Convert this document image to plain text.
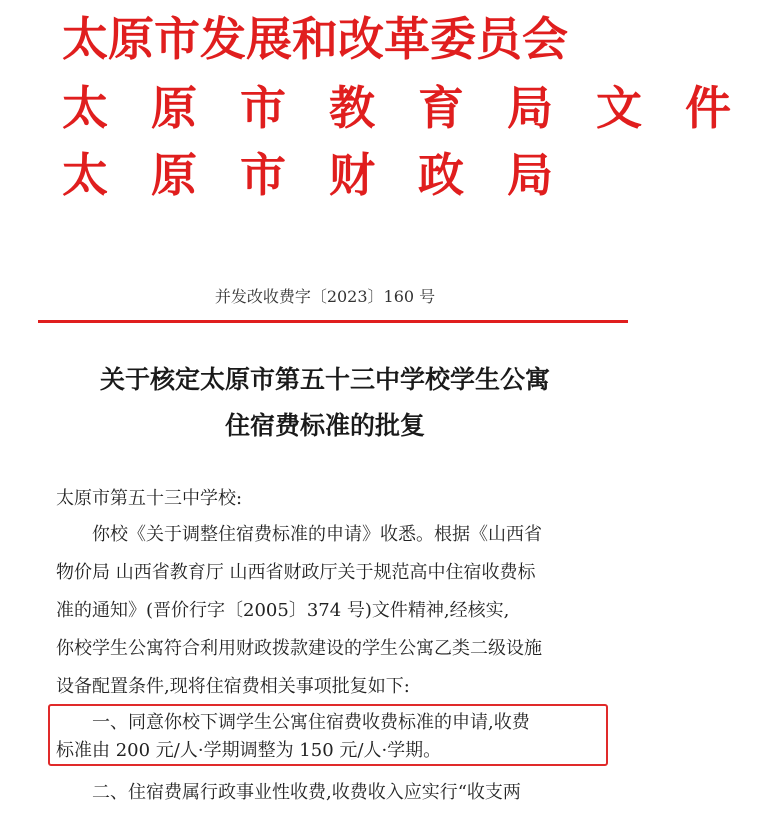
太原市发展和改革委员会
太原市教育局文件
太原市财政局
并发改收费字〔2023〕160 号
关于核定太原市第五十三中学校学生公寓
住宿费标准的批复
太原市第五十三中学校:
你校《关于调整住宿费标准的申请》收悉。根据《山西省
物价局 山西省教育厅 山西省财政厅关于规范高中住宿收费标
准的通知》(晋价行字〔2005〕374 号)文件精神,经核实,
你校学生公寓符合利用财政拨款建设的学生公寓乙类二级设施
设备配置条件,现将住宿费相关事项批复如下:
一、同意你校下调学生公寓住宿费收费标准的申请,收费
标准由 200 元/人·学期调整为 150 元/人·学期。
二、住宿费属行政事业性收费,收费收入应实行“收支两
